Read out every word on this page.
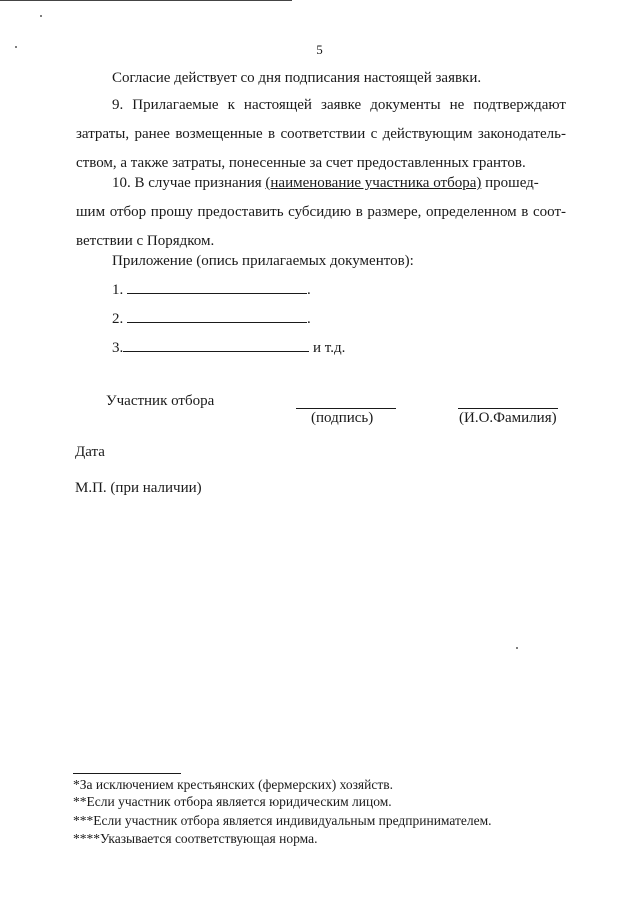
5
Согласие действует со дня подписания настоящей заявки.
9. Прилагаемые к настоящей заявке документы не подтверждают
затраты, ранее возмещенные в соответствии с действующим законодатель-
ством, а также затраты, понесенные за счет предоставленных грантов.
10. В случае признания (наименование участника отбора) прошед-
шим отбор прошу предоставить субсидию в размере, определенном в соот-
ветствии с Порядком.
Приложение (опись прилагаемых документов):
1.	.
2.	.
3.	и т.д.
Участник отбора
(подпись)	(И.О.Фамилия)
Дата
М.П. (при наличии)
*За исключением крестьянских (фермерских) хозяйств.
**Если участник отбора является юридическим лицом.
***Если участник отбора является индивидуальным предпринимателем.
****Указывается соответствующая норма.
